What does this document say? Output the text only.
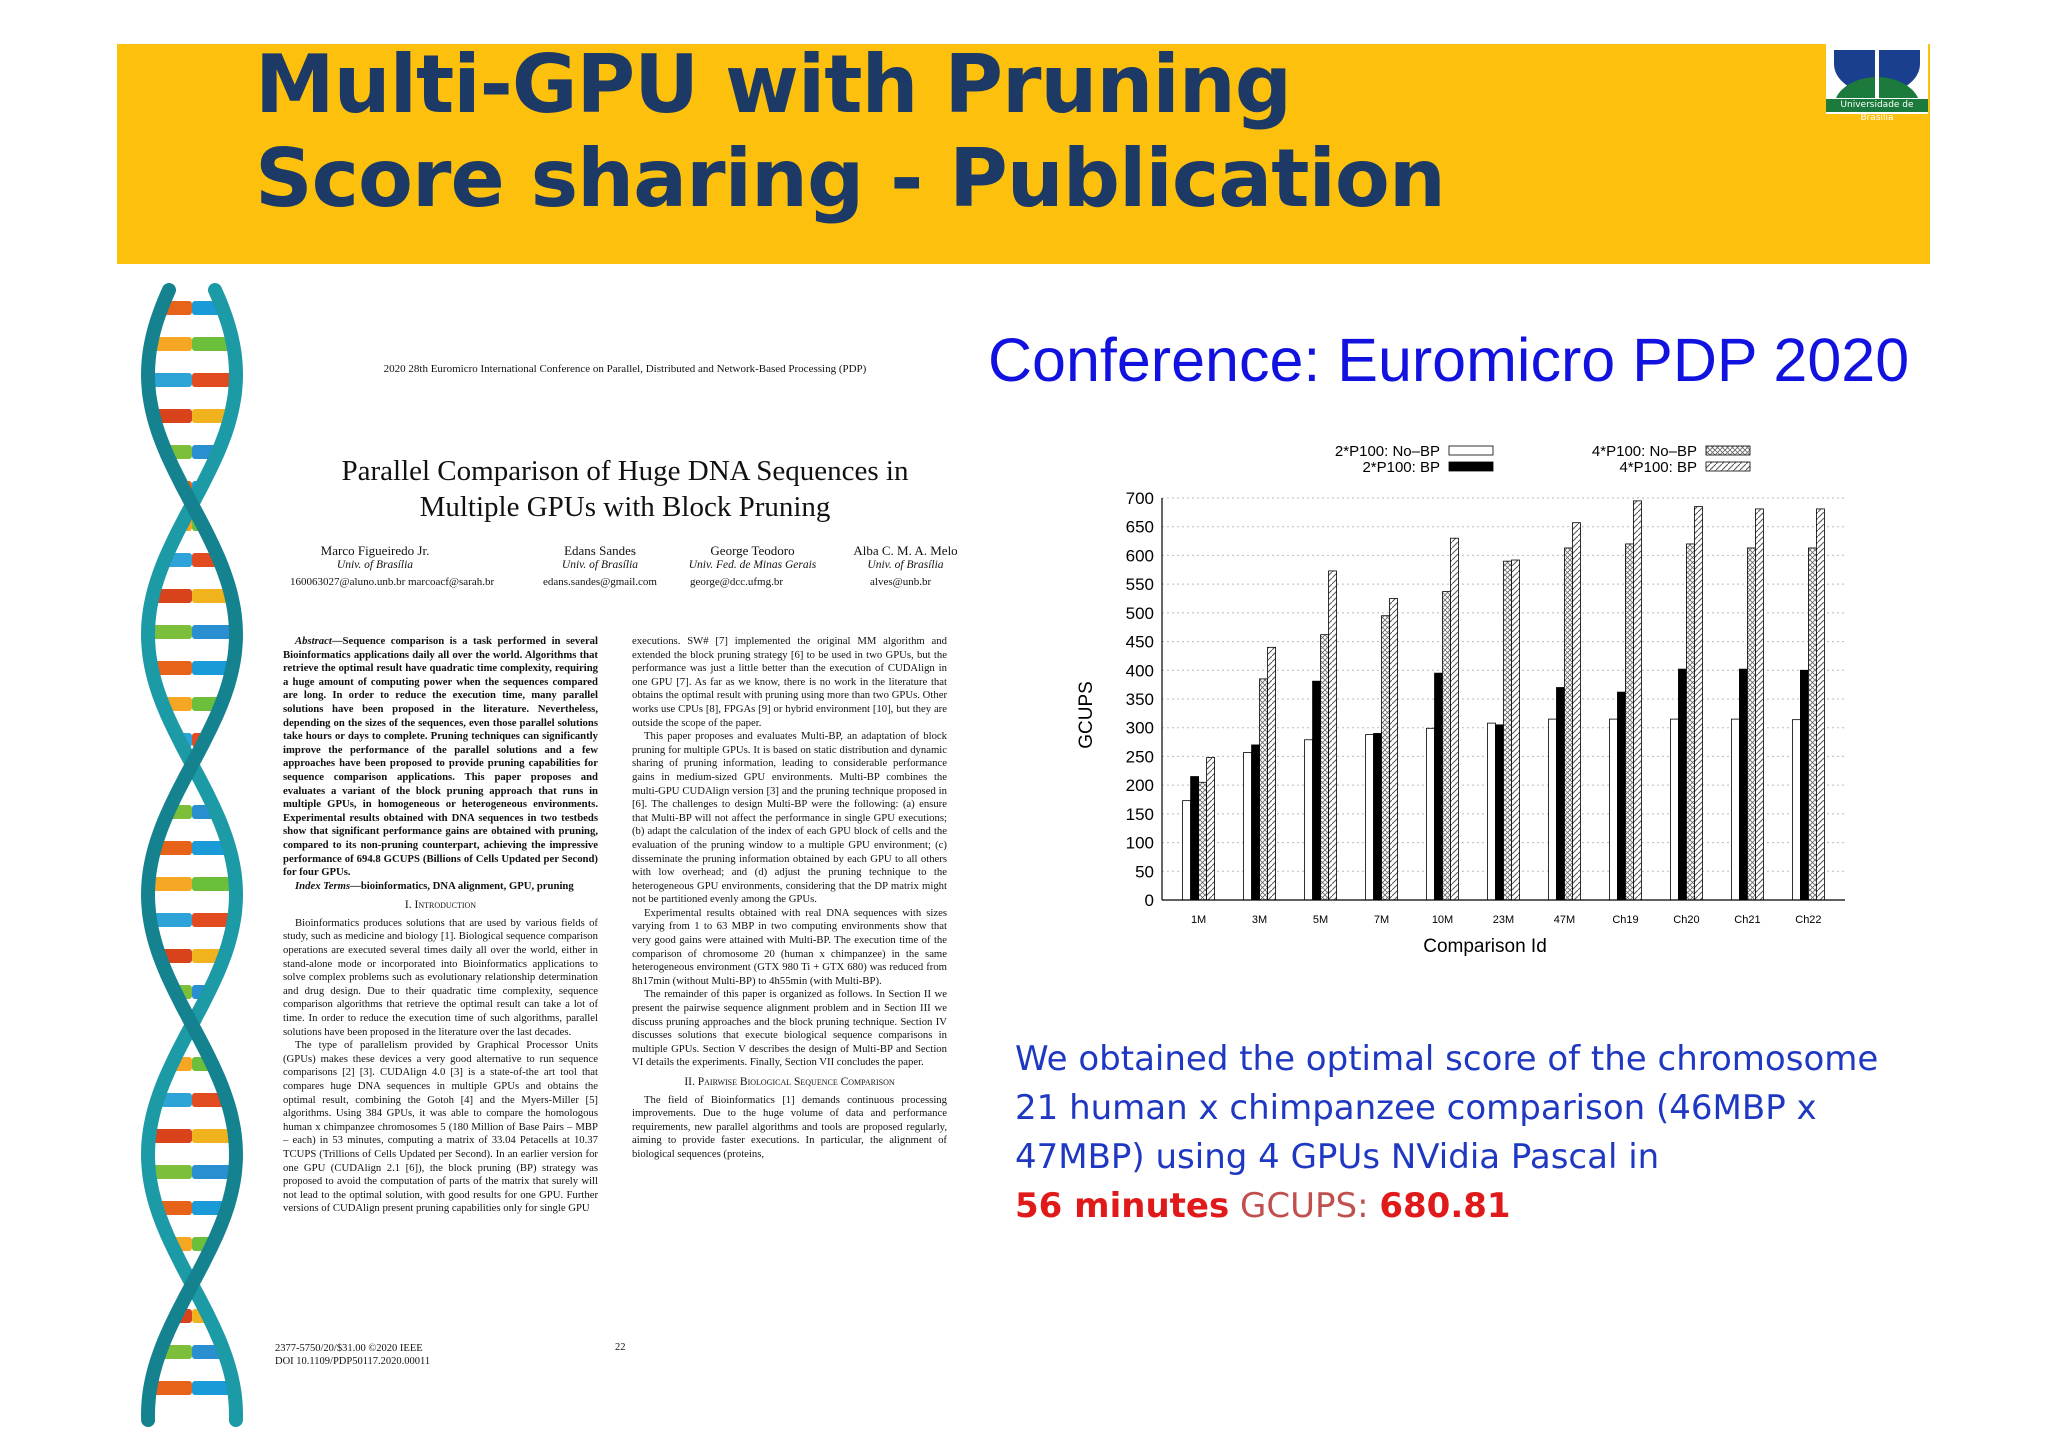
Multi-GPU with Pruning
Score sharing - Publication
Universidade de Brasília
2020 28th Euromicro International Conference on Parallel, Distributed and Network-Based Processing (PDP)
Parallel Comparison of Huge DNA Sequences in
Multiple GPUs with Block Pruning
Marco Figueiredo Jr.
Univ. of Brasília
Edans Sandes
Univ. of Brasília
George Teodoro
Univ. Fed. de Minas Gerais
Alba C. M. A. Melo
Univ. of Brasília
160063027@aluno.unb.br marcoacf@sarah.br	edans.sandes@gmail.com	george@dcc.ufmg.br	alves@unb.br

Abstract—Sequence comparison is a task performed in several Bioinformatics applications daily all over the world. Algorithms that retrieve the optimal result have quadratic time complexity, requiring a huge amount of computing power when the sequences compared are long. In order to reduce the execution time, many parallel solutions have been proposed in the literature. Nevertheless, depending on the sizes of the sequences, even those parallel solutions take hours or days to complete. Pruning techniques can significantly improve the performance of the parallel solutions and a few approaches have been proposed to provide pruning capabilities for sequence comparison applications. This paper proposes and evaluates a variant of the block pruning approach that runs in multiple GPUs, in homogeneous or heterogeneous environments. Experimental results obtained with DNA sequences in two testbeds show that significant performance gains are obtained with pruning, compared to its non-pruning counterpart, achieving the impressive performance of 694.8 GCUPS (Billions of Cells Updated per Second) for four GPUs.

Index Terms—bioinformatics, DNA alignment, GPU, pruning

I. Introduction

Bioinformatics produces solutions that are used by various fields of study, such as medicine and biology [1]. Biological sequence comparison operations are executed several times daily all over the world, either in stand-alone mode or incorporated into Bioinformatics applications to solve complex problems such as evolutionary relationship determination and drug design. Due to their quadratic time complexity, sequence comparison algorithms that retrieve the optimal result can take a lot of time. In order to reduce the execution time of such algorithms, parallel solutions have been proposed in the literature over the last decades.

The type of parallelism provided by Graphical Processor Units (GPUs) makes these devices a very good alternative to run sequence comparisons [2] [3]. CUDAlign 4.0 [3] is a state-of-the art tool that compares huge DNA sequences in multiple GPUs and obtains the optimal result, combining the Gotoh [4] and the Myers-Miller [5] algorithms. Using 384 GPUs, it was able to compare the homologous human x chimpanzee chromosomes 5 (180 Million of Base Pairs – MBP – each) in 53 minutes, computing a matrix of 33.04 Petacells at 10.37 TCUPS (Trillions of Cells Updated per Second). In an earlier version for one GPU (CUDAlign 2.1 [6]), the block pruning (BP) strategy was proposed to avoid the computation of parts of the matrix that surely will not lead to the optimal solution, with good results for one GPU. Further versions of CUDAlign present pruning capabilities only for single GPU

executions. SW# [7] implemented the original MM algorithm and extended the block pruning strategy [6] to be used in two GPUs, but the performance was just a little better than the execution of CUDAlign in one GPU [7]. As far as we know, there is no work in the literature that obtains the optimal result with pruning using more than two GPUs. Other works use CPUs [8], FPGAs [9] or hybrid environment [10], but they are outside the scope of the paper.

This paper proposes and evaluates Multi-BP, an adaptation of block pruning for multiple GPUs. It is based on static distribution and dynamic sharing of pruning information, leading to considerable performance gains in medium-sized GPU environments. Multi-BP combines the multi-GPU CUDAlign version [3] and the pruning technique proposed in [6]. The challenges to design Multi-BP were the following: (a) ensure that Multi-BP will not affect the performance in single GPU executions; (b) adapt the calculation of the index of each GPU block of cells and the evaluation of the pruning window to a multiple GPU environment; (c) disseminate the pruning information obtained by each GPU to all others with low overhead; and (d) adjust the pruning technique to the heterogeneous GPU environments, considering that the DP matrix might not be partitioned evenly among the GPUs.

Experimental results obtained with real DNA sequences with sizes varying from 1 to 63 MBP in two computing environments show that very good gains were attained with Multi-BP. The execution time of the comparison of chromosome 20 (human x chimpanzee) in the same heterogeneous environment (GTX 980 Ti + GTX 680) was reduced from 8h17min (without Multi-BP) to 4h55min (with Multi-BP).

The remainder of this paper is organized as follows. In Section II we present the pairwise sequence alignment problem and in Section III we discuss pruning approaches and the block pruning technique. Section IV discusses solutions that execute biological sequence comparisons in multiple GPUs. Section V describes the design of Multi-BP and Section VI details the experiments. Finally, Section VII concludes the paper.

II. Pairwise Biological Sequence Comparison

The field of Bioinformatics [1] demands continuous processing improvements. Due to the huge volume of data and performance requirements, new parallel algorithms and tools are proposed regularly, aiming to provide faster executions. In particular, the alignment of biological sequences (proteins,

2377-5750/20/$31.00 ©2020 IEEE
DOI 10.1109/PDP50117.2020.00011
22
Conference: Euromicro PDP 2020
0
50
100
150
200
250
300
350
400
450
500
550
600
650
700
1M	3M	5M	7M	10M	23M	47M	Ch19	Ch20	Ch21	Ch22
2*P100: No–BP
2*P100: BP
4*P100: No–BP
4*P100: BP
GCUPS
Comparison Id
We obtained the optimal score of the chromosome
21 human x chimpanzee comparison (46MBP x
47MBP) using 4 GPUs NVidia Pascal in
56 minutes GCUPS: 680.81
